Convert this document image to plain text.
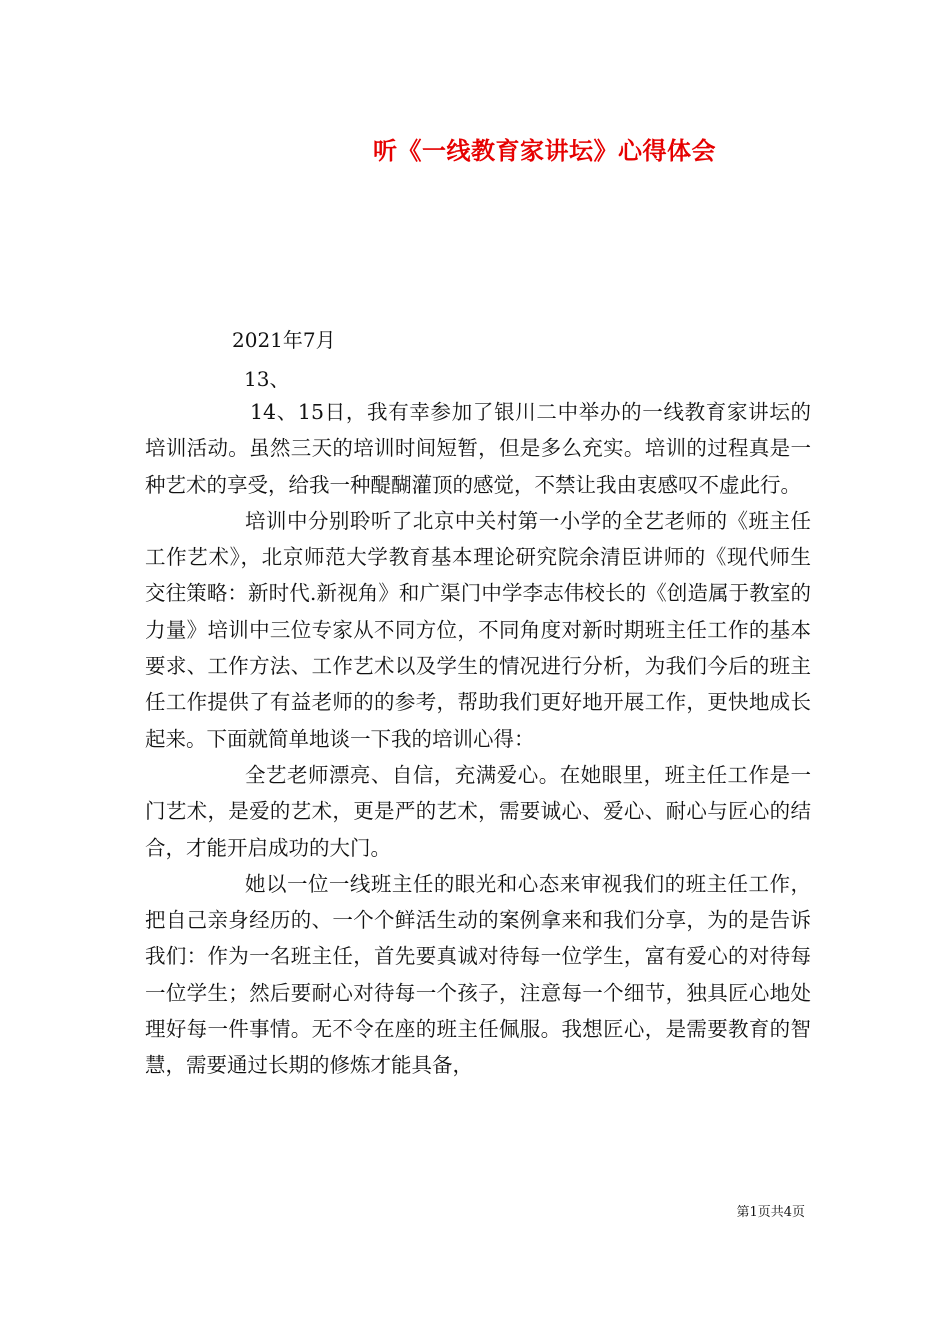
听《一线教育家讲坛》心得体会
2021年7月
13、

14、15日，我有幸参加了银川二中举办的一线教育家讲坛的培训活动。虽然三天的培训时间短暂，但是多么充实。培训的过程真是一种艺术的享受，给我一种醍醐灌顶的感觉，不禁让我由衷感叹不虚此行。

培训中分别聆听了北京中关村第一小学的全艺老师的《班主任工作艺术》，北京师范大学教育基本理论研究院余清臣讲师的《现代师生交往策略：新时代.新视角》和广渠门中学李志伟校长的《创造属于教室的力量》培训中三位专家从不同方位，不同角度对新时期班主任工作的基本要求、工作方法、工作艺术以及学生的情况进行分析，为我们今后的班主任工作提供了有益老师的的参考，帮助我们更好地开展工作，更快地成长起来。下面就简单地谈一下我的培训心得：

全艺老师漂亮、自信，充满爱心。在她眼里，班主任工作是一门艺术，是爱的艺术，更是严的艺术，需要诚心、爱心、耐心与匠心的结合，才能开启成功的大门。

她以一位一线班主任的眼光和心态来审视我们的班主任工作，把自己亲身经历的、一个个鲜活生动的案例拿来和我们分享，为的是告诉我们：作为一名班主任，首先要真诚对待每一位学生，富有爱心的对待每一位学生；然后要耐心对待每一个孩子，注意每一个细节，独具匠心地处理好每一件事情。无不令在座的班主任佩服。我想匠心，是需要教育的智慧，需要通过长期的修炼才能具备，

第1页共4页
